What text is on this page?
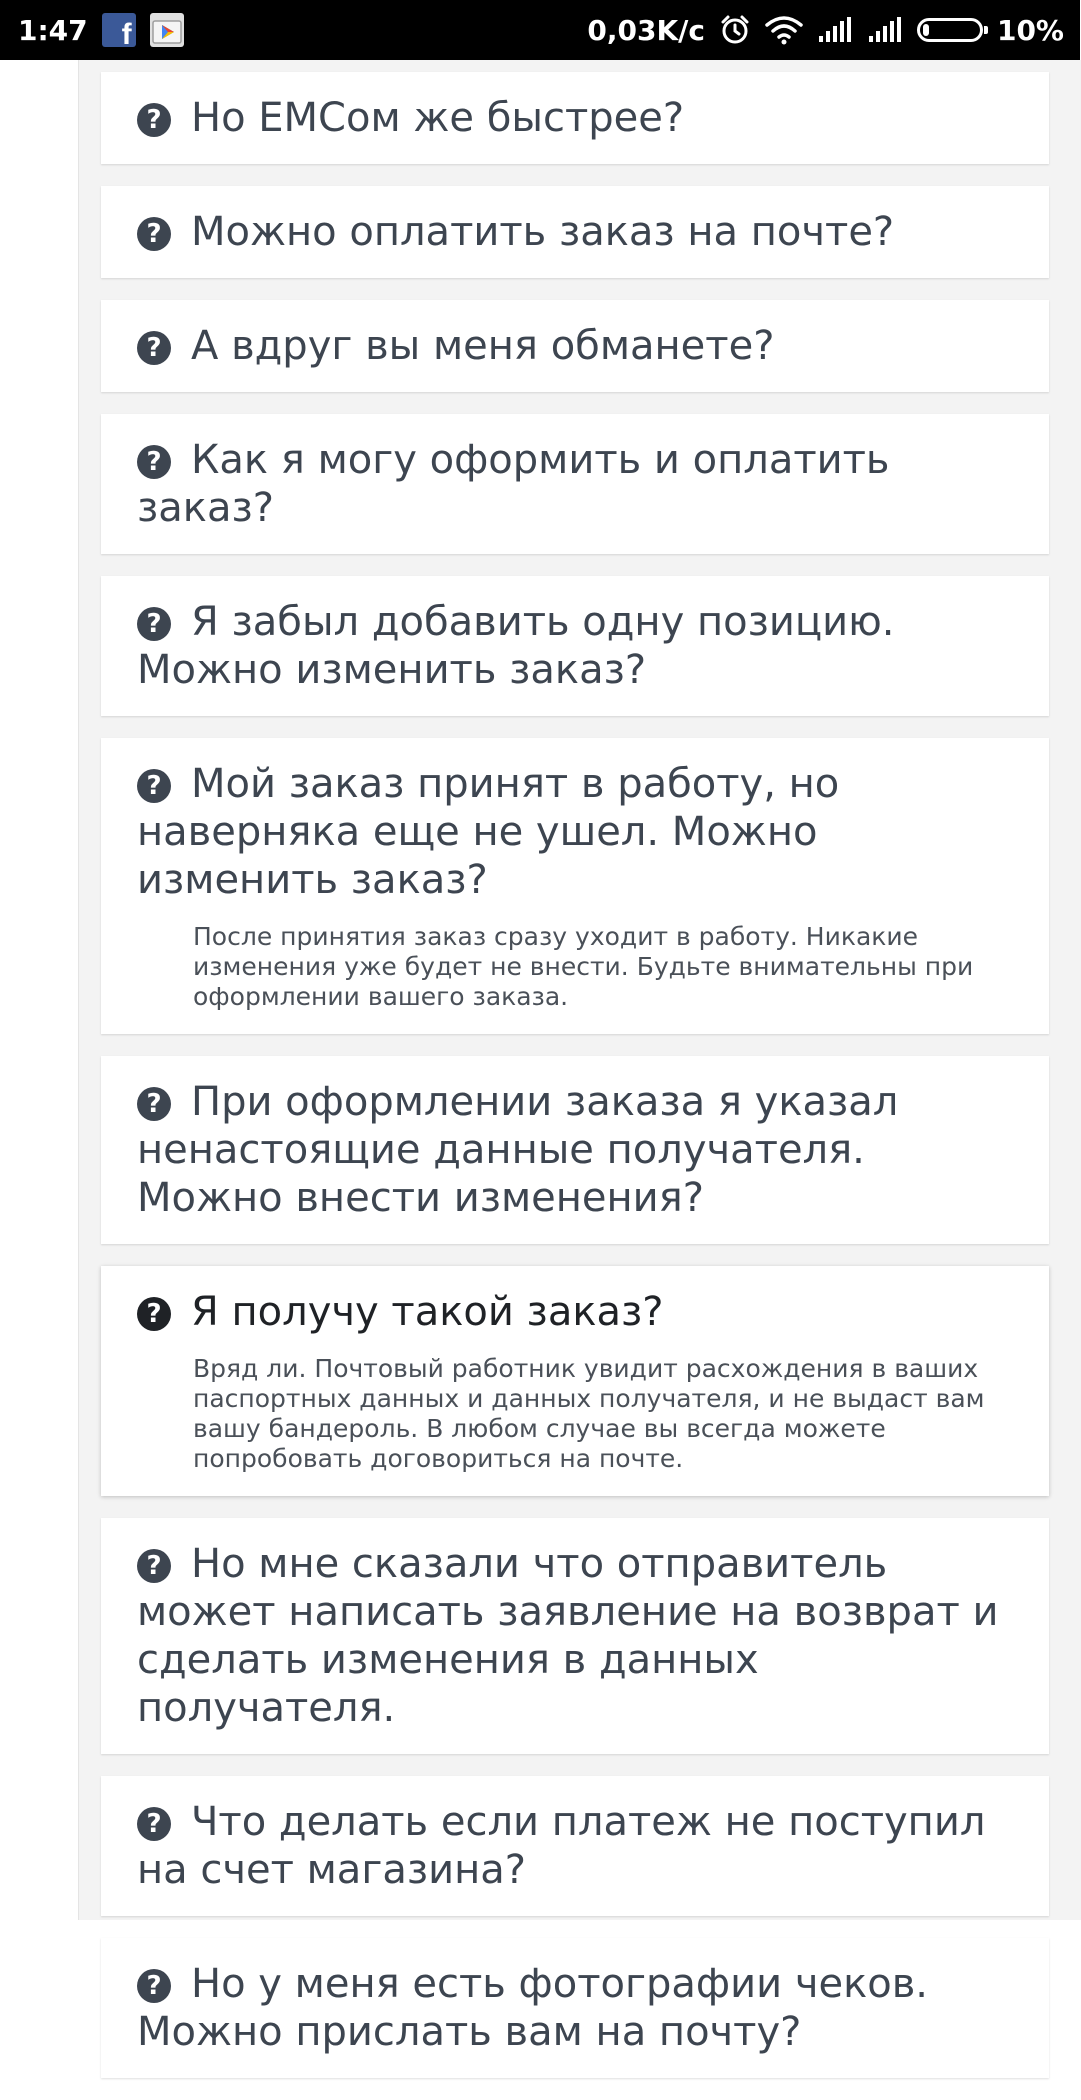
1:47 f	0,03K/c	10%
? Но EMCом же быстрее?
? Можно оплатить заказ на почте?
? А вдруг вы меня обманете?
? Как я могу оформить и оплатить заказ?
? Я забыл добавить одну позицию. Можно изменить заказ?
? Мой заказ принят в работу, но наверняка еще не ушел. Можно изменить заказ?
После принятия заказ сразу уходит в работу. Никакие изменения уже будет не внести. Будьте внимательны при оформлении вашего заказа.
? При оформлении заказа я указал ненастоящие данные получателя. Можно внести изменения?
? Я получу такой заказ?
Вряд ли. Почтовый работник увидит расхождения в ваших паспортных данных и данных получателя, и не выдаст вам вашу бандероль. В любом случае вы всегда можете попробовать договориться на почте.
? Но мне сказали что отправитель может написать заявление на возврат и сделать изменения в данных получателя.
? Что делать если платеж не поступил на счет магазина?
? Но у меня есть фотографии чеков. Можно прислать вам на почту?
